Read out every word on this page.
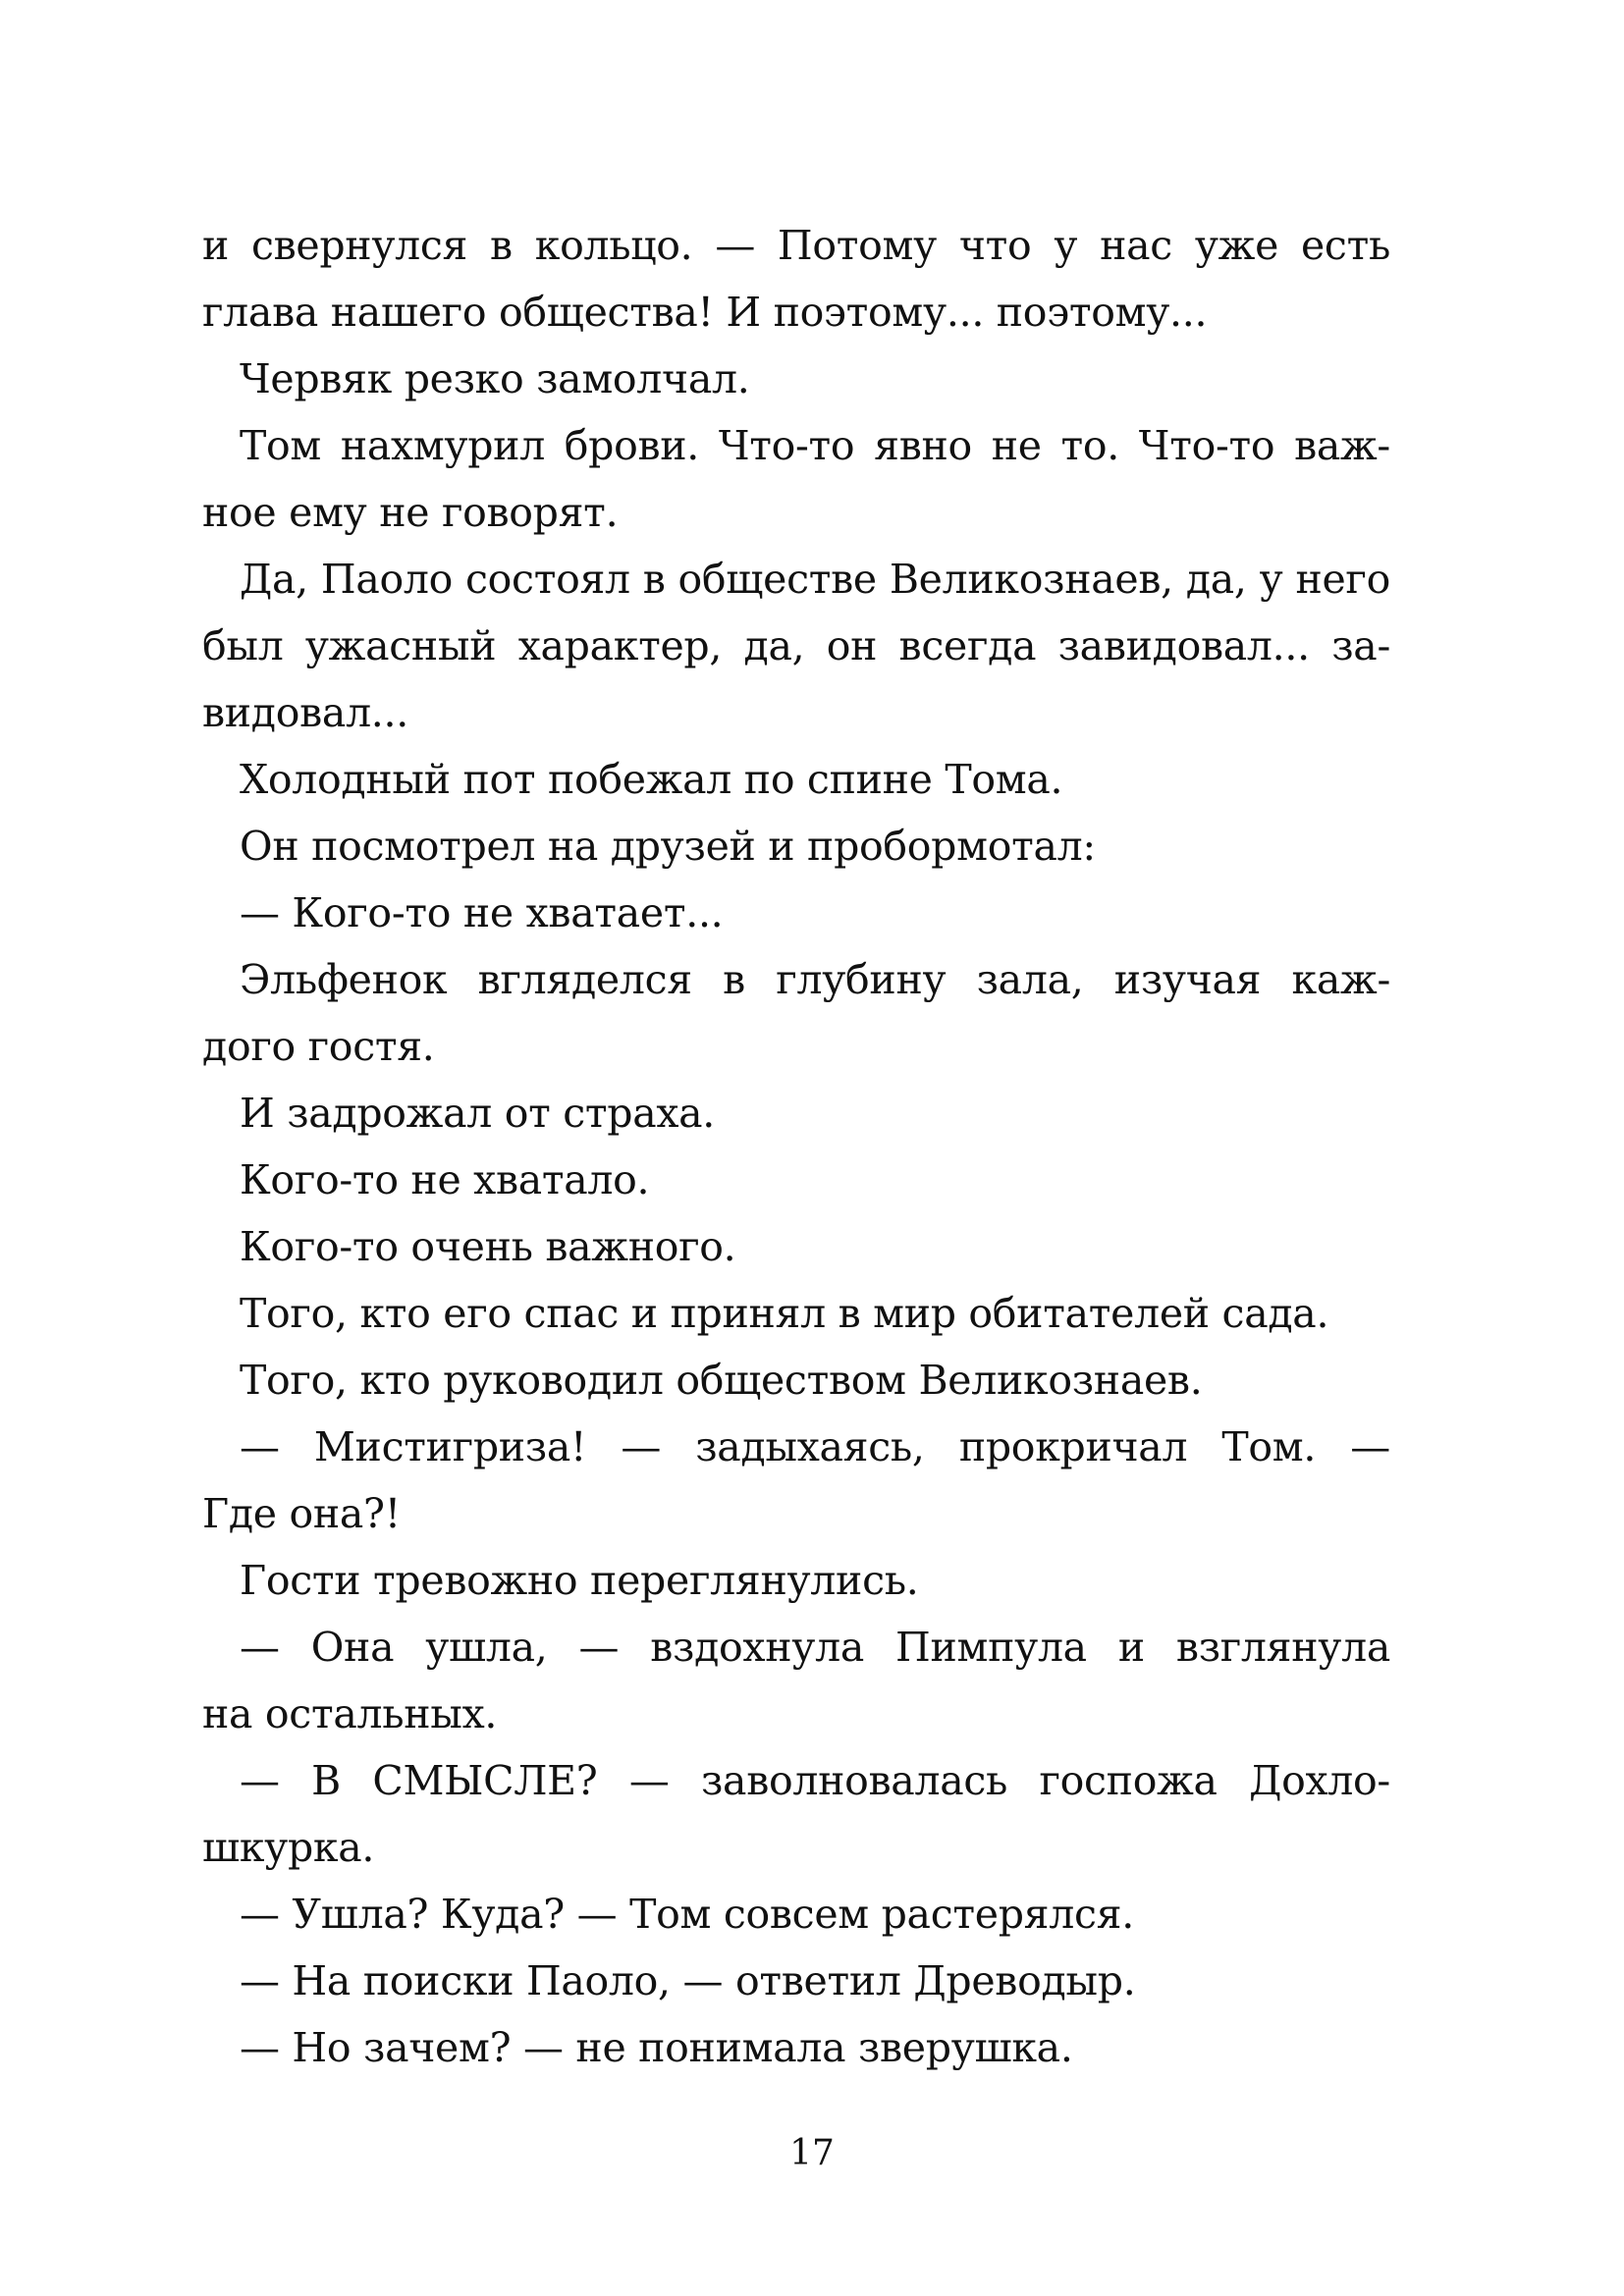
и свернулся в кольцо. — Потому что у нас уже есть
глава нашего общества! И поэтому... поэтому...
Червяк резко замолчал.
Том нахмурил брови. Что-то явно не то. Что-то важ-
ное ему не говорят.
Да, Паоло состоял в обществе Великознаев, да, у него
был ужасный характер, да, он всегда завидовал... за-
видовал...
Холодный пот побежал по спине Тома.
Он посмотрел на друзей и пробормотал:
— Кого-то не хватает...
Эльфенок вгляделся в глубину зала, изучая каж-
дого гостя.
И задрожал от страха.
Кого-то не хватало.
Кого-то очень важного.
Того, кто его спас и принял в мир обитателей сада.
Того, кто руководил обществом Великознаев.
— Мистигриза! — задыхаясь, прокричал Том. —
Где она?!
Гости тревожно переглянулись.
— Она ушла, — вздохнула Пимпула и взглянула
на остальных.
— В СМЫСЛЕ? — заволновалась госпожа Дохло-
шкурка.
— Ушла? Куда? — Том совсем растерялся.
— На поиски Паоло, — ответил Древодыр.
— Но зачем? — не понимала зверушка.
17
